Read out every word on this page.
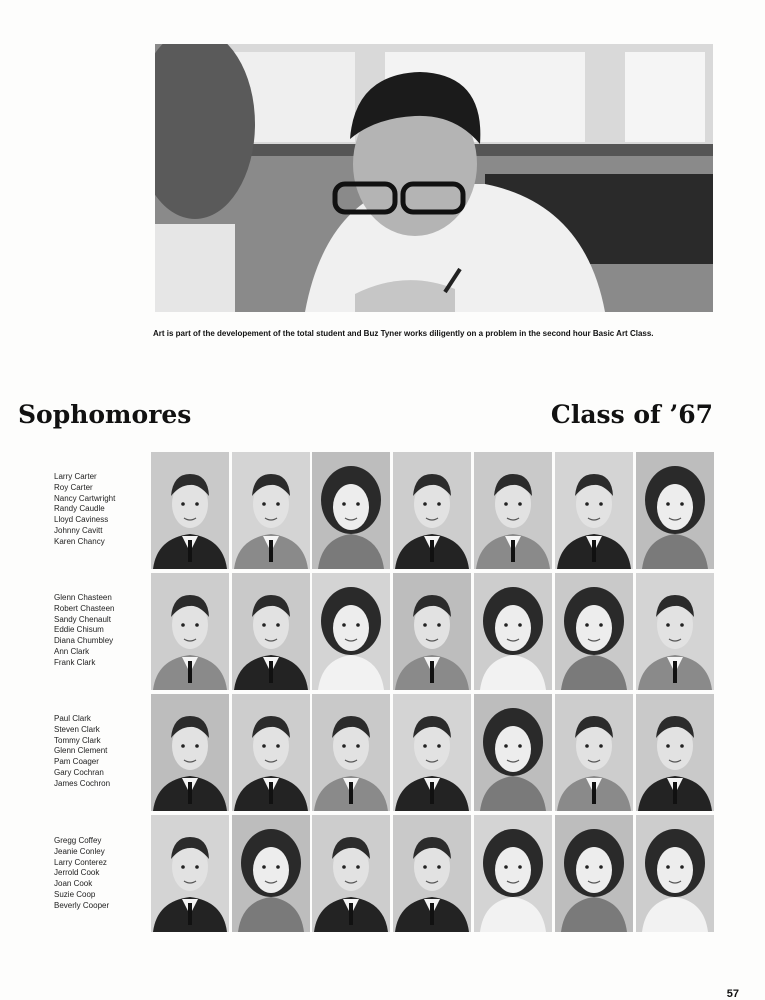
Art is part of the developement of the total student and Buz Tyner works diligently on a problem in the second hour Basic Art Class.

Sophomores	Class of ’67
Larry Carter
Roy Carter
Nancy Cartwright
Randy Caudle
Lloyd Caviness
Johnny Cavitt
Karen Chancy
Glenn Chasteen
Robert Chasteen
Sandy Chenault
Eddie Chisum
Diana Chumbley
Ann Clark
Frank Clark
Paul Clark
Steven Clark
Tommy Clark
Glenn Clement
Pam Coager
Gary Cochran
James Cochron
Gregg Coffey
Jeanie Conley
Larry Conterez
Jerrold Cook
Joan Cook
Suzie Coop
Beverly Cooper
57
